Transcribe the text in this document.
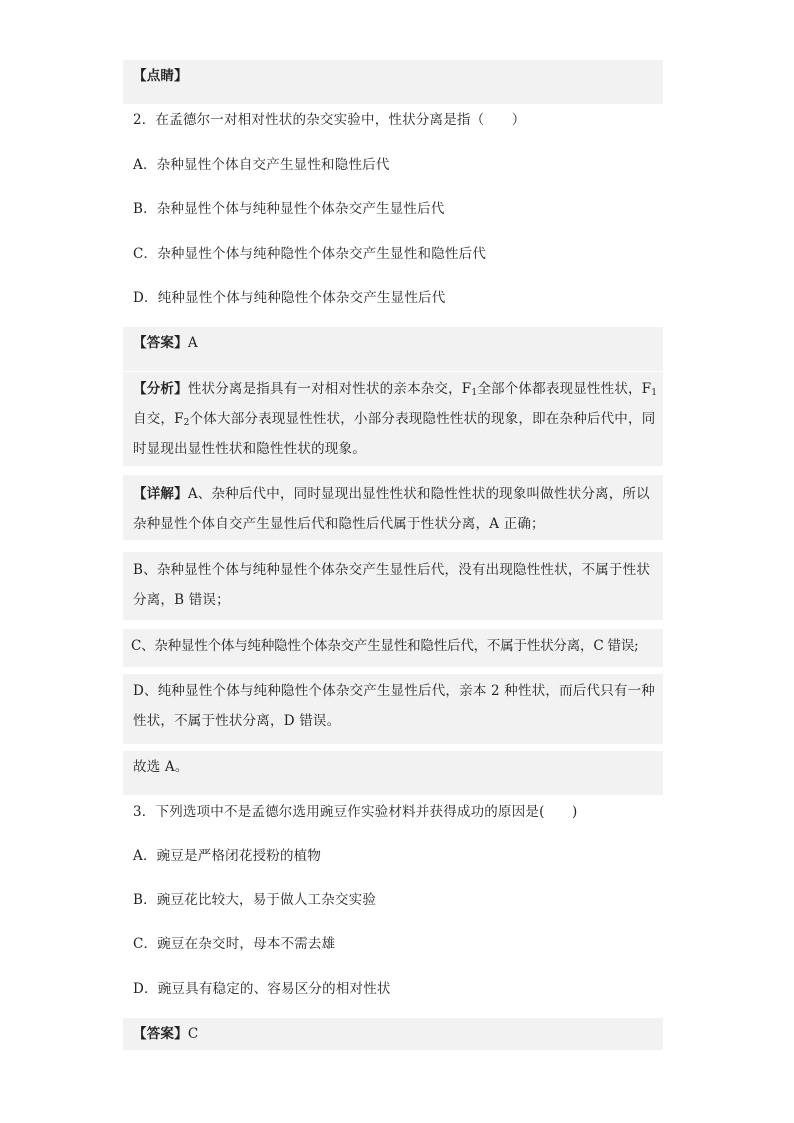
【点睛】
2．在孟德尔一对相对性状的杂交实验中，性状分离是指（　　）
A．杂种显性个体自交产生显性和隐性后代
B．杂种显性个体与纯种显性个体杂交产生显性后代
C．杂种显性个体与纯种隐性个体杂交产生显性和隐性后代
D．纯种显性个体与纯种隐性个体杂交产生显性后代
【答案】A
【分析】性状分离是指具有一对相对性状的亲本杂交，$F_1$全部个体都表现显性性状，$F_1$
自交，$F_2$个体大部分表现显性性状，小部分表现隐性性状的现象，即在杂种后代中，同
时显现出显性性状和隐性性状的现象。
【详解】A、杂种后代中，同时显现出显性性状和隐性性状的现象叫做性状分离，所以
杂种显性个体自交产生显性后代和隐性后代属于性状分离，A 正确；
B、杂种显性个体与纯种显性个体杂交产生显性后代，没有出现隐性性状，不属于性状
分离，B 错误；
C、杂种显性个体与纯种隐性个体杂交产生显性和隐性后代，不属于性状分离，C 错误;
D、纯种显性个体与纯种隐性个体杂交产生显性后代，亲本 2 种性状，而后代只有一种
性状，不属于性状分离，D 错误。
故选 A。
3．下列选项中不是孟德尔选用豌豆作实验材料并获得成功的原因是(　　)
A．豌豆是严格闭花授粉的植物
B．豌豆花比较大，易于做人工杂交实验
C．豌豆在杂交时，母本不需去雄
D．豌豆具有稳定的、容易区分的相对性状
【答案】C
